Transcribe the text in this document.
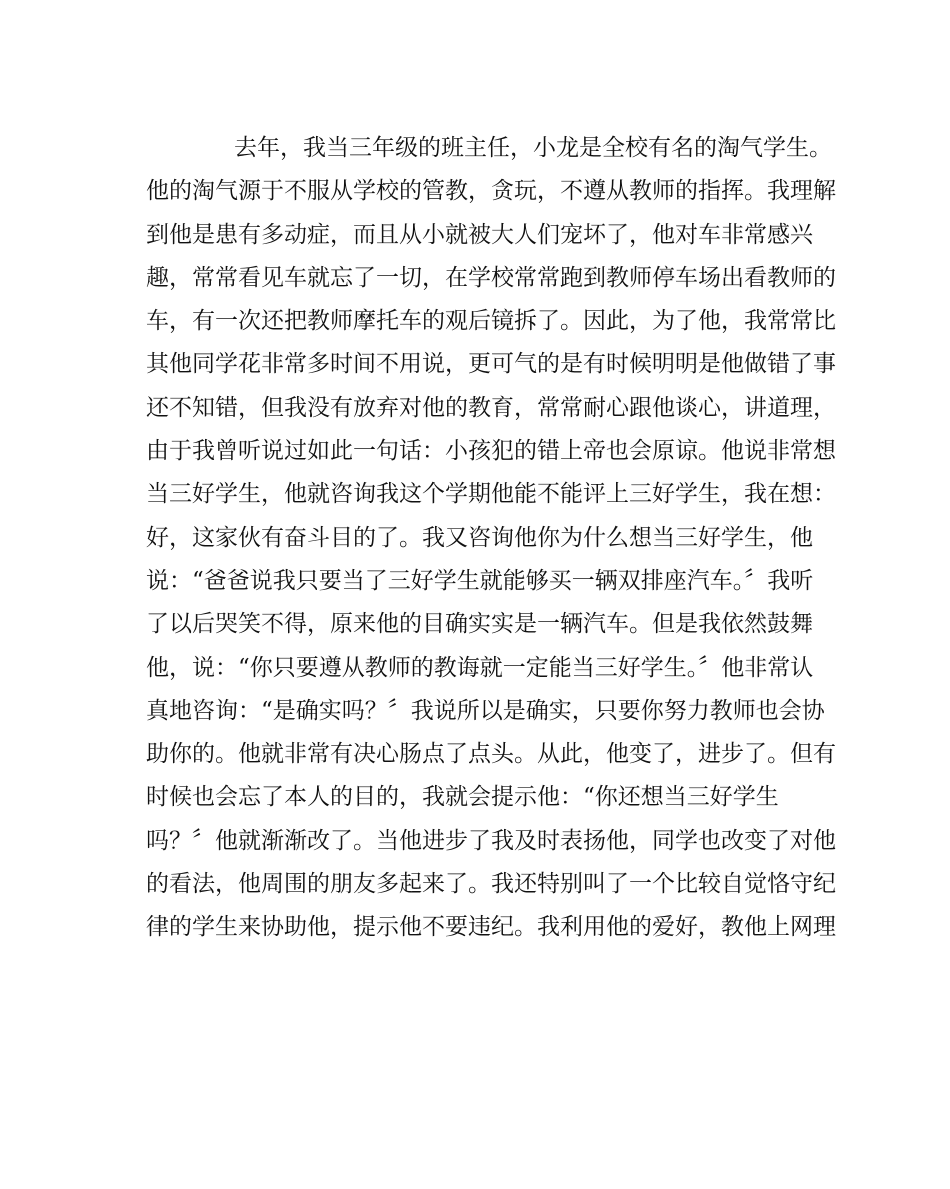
去年，我当三年级的班主任，小龙是全校有名的淘气学生。
他的淘气源于不服从学校的管教，贪玩，不遵从教师的指挥。我理解
到他是患有多动症，而且从小就被大人们宠坏了，他对车非常感兴
趣，常常看见车就忘了一切，在学校常常跑到教师停车场出看教师的
车，有一次还把教师摩托车的观后镜拆了。因此，为了他，我常常比
其他同学花非常多时间不用说，更可气的是有时候明明是他做错了事
还不知错，但我没有放弃对他的教育，常常耐心跟他谈心，讲道理，
由于我曾听说过如此一句话：小孩犯的错上帝也会原谅。他说非常想
当三好学生，他就咨询我这个学期他能不能评上三好学生，我在想：
好，这家伙有奋斗目的了。我又咨询他你为什么想当三好学生，他
说：“爸爸说我只要当了三好学生就能够买一辆双排座汽车。〞我听
了以后哭笑不得，原来他的目确实实是一辆汽车。但是我依然鼓舞
他，说：“你只要遵从教师的教诲就一定能当三好学生。〞他非常认
真地咨询：“是确实吗？〞我说所以是确实，只要你努力教师也会协
助你的。他就非常有决心肠点了点头。从此，他变了，进步了。但有
时候也会忘了本人的目的，我就会提示他：“你还想当三好学生
吗？〞他就渐渐改了。当他进步了我及时表扬他，同学也改变了对他
的看法，他周围的朋友多起来了。我还特别叫了一个比较自觉恪守纪
律的学生来协助他，提示他不要违纪。我利用他的爱好，教他上网理
